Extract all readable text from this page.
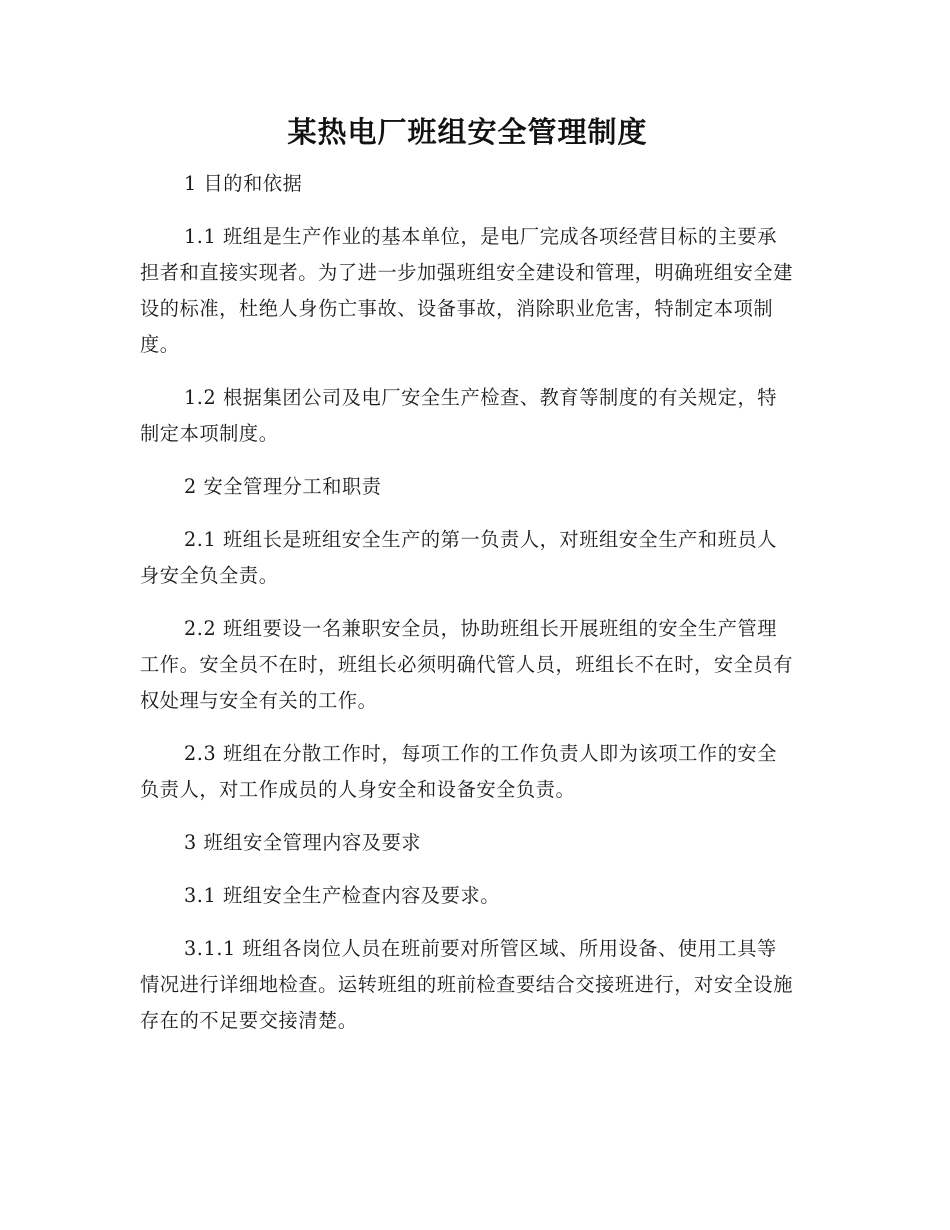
某热电厂班组安全管理制度

1 目的和依据

1.1 班组是生产作业的基本单位，是电厂完成各项经营目标的主要承担者和直接实现者。为了进一步加强班组安全建设和管理，明确班组安全建设的标准，杜绝人身伤亡事故、设备事故，消除职业危害，特制定本项制度。

1.2 根据集团公司及电厂安全生产检查、教育等制度的有关规定，特制定本项制度。

2 安全管理分工和职责

2.1 班组长是班组安全生产的第一负责人，对班组安全生产和班员人身安全负全责。

2.2 班组要设一名兼职安全员，协助班组长开展班组的安全生产管理工作。安全员不在时，班组长必须明确代管人员，班组长不在时，安全员有权处理与安全有关的工作。

2.3 班组在分散工作时，每项工作的工作负责人即为该项工作的安全负责人，对工作成员的人身安全和设备安全负责。

3 班组安全管理内容及要求

3.1 班组安全生产检查内容及要求。

3.1.1 班组各岗位人员在班前要对所管区域、所用设备、使用工具等情况进行详细地检查。运转班组的班前检查要结合交接班进行，对安全设施存在的不足要交接清楚。
